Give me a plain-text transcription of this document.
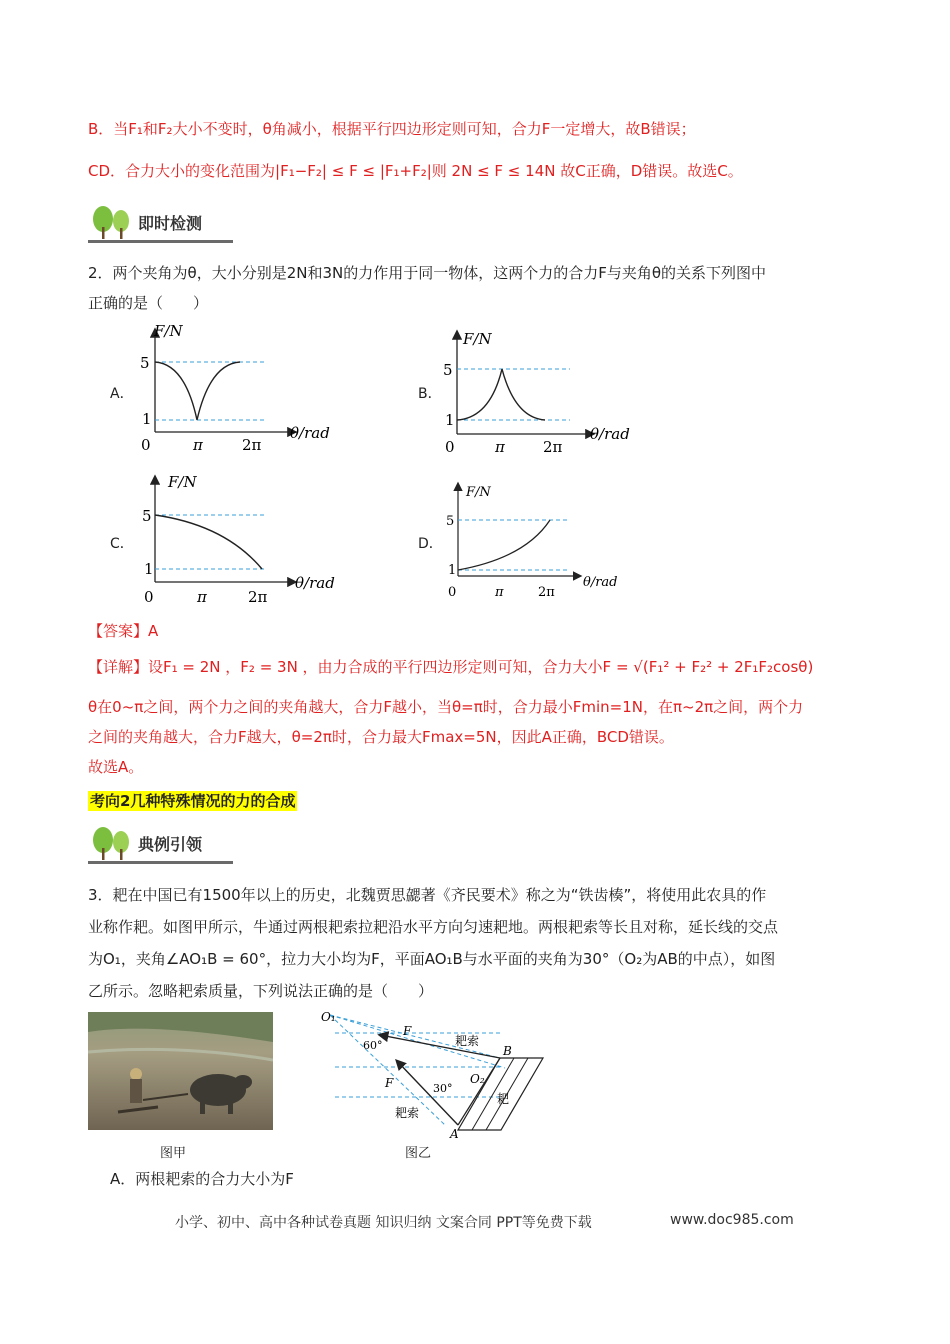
B．当F₁和F₂大小不变时，θ角减小，根据平行四边形定则可知，合力F一定增大，故B错误；
CD．合力大小的变化范围为|F₁−F₂| ≤ F ≤ |F₁+F₂|则 2N ≤ F ≤ 14N 故C正确，D错误。故选C。
即时检测
2．两个夹角为θ，大小分别是2N和3N的力作用于同一物体，这两个力的合力F与夹角θ的关系下列图中
正确的是（　　）
A．	B．
C．	D．
F/N
5
1
0	π	2π
θ/rad
F/N
5
1
0	π	2π
θ/rad
F/N
5
1
0	π	2π
θ/rad
F/N
5
1
0	π	2π
θ/rad
【答案】A
【详解】设F₁ = 2N ，F₂ = 3N ，由力合成的平行四边形定则可知，合力大小F = √(F₁² + F₂² + 2F₁F₂cosθ)
θ在0~π之间，两个力之间的夹角越大，合力F越小，当θ=π时，合力最小Fmin=1N，在π~2π之间，两个力
之间的夹角越大，合力F越大，θ=2π时，合力最大Fmax=5N，因此A正确，BCD错误。
故选A。
考向2几种特殊情况的力的合成
典例引领
3．耙在中国已有1500年以上的历史，北魏贾思勰著《齐民要术》称之为“铁齿楱”，将使用此农具的作
业称作耙。如图甲所示，牛通过两根耙索拉耙沿水平方向匀速耙地。两根耙索等长且对称，延长线的交点
为O₁，夹角∠AO₁B = 60°，拉力大小均为F，平面AO₁B与水平面的夹角为30°（O₂为AB的中点），如图
乙所示。忽略耙索质量，下列说法正确的是（　　）
图甲
O₁
F
60°	耙索
B
F	30°
O₂
耙
耙索
A
图乙
A．两根耙索的合力大小为F
小学、初中、高中各种试卷真题 知识归纳 文案合同 PPT等免费下载	www.doc985.com
